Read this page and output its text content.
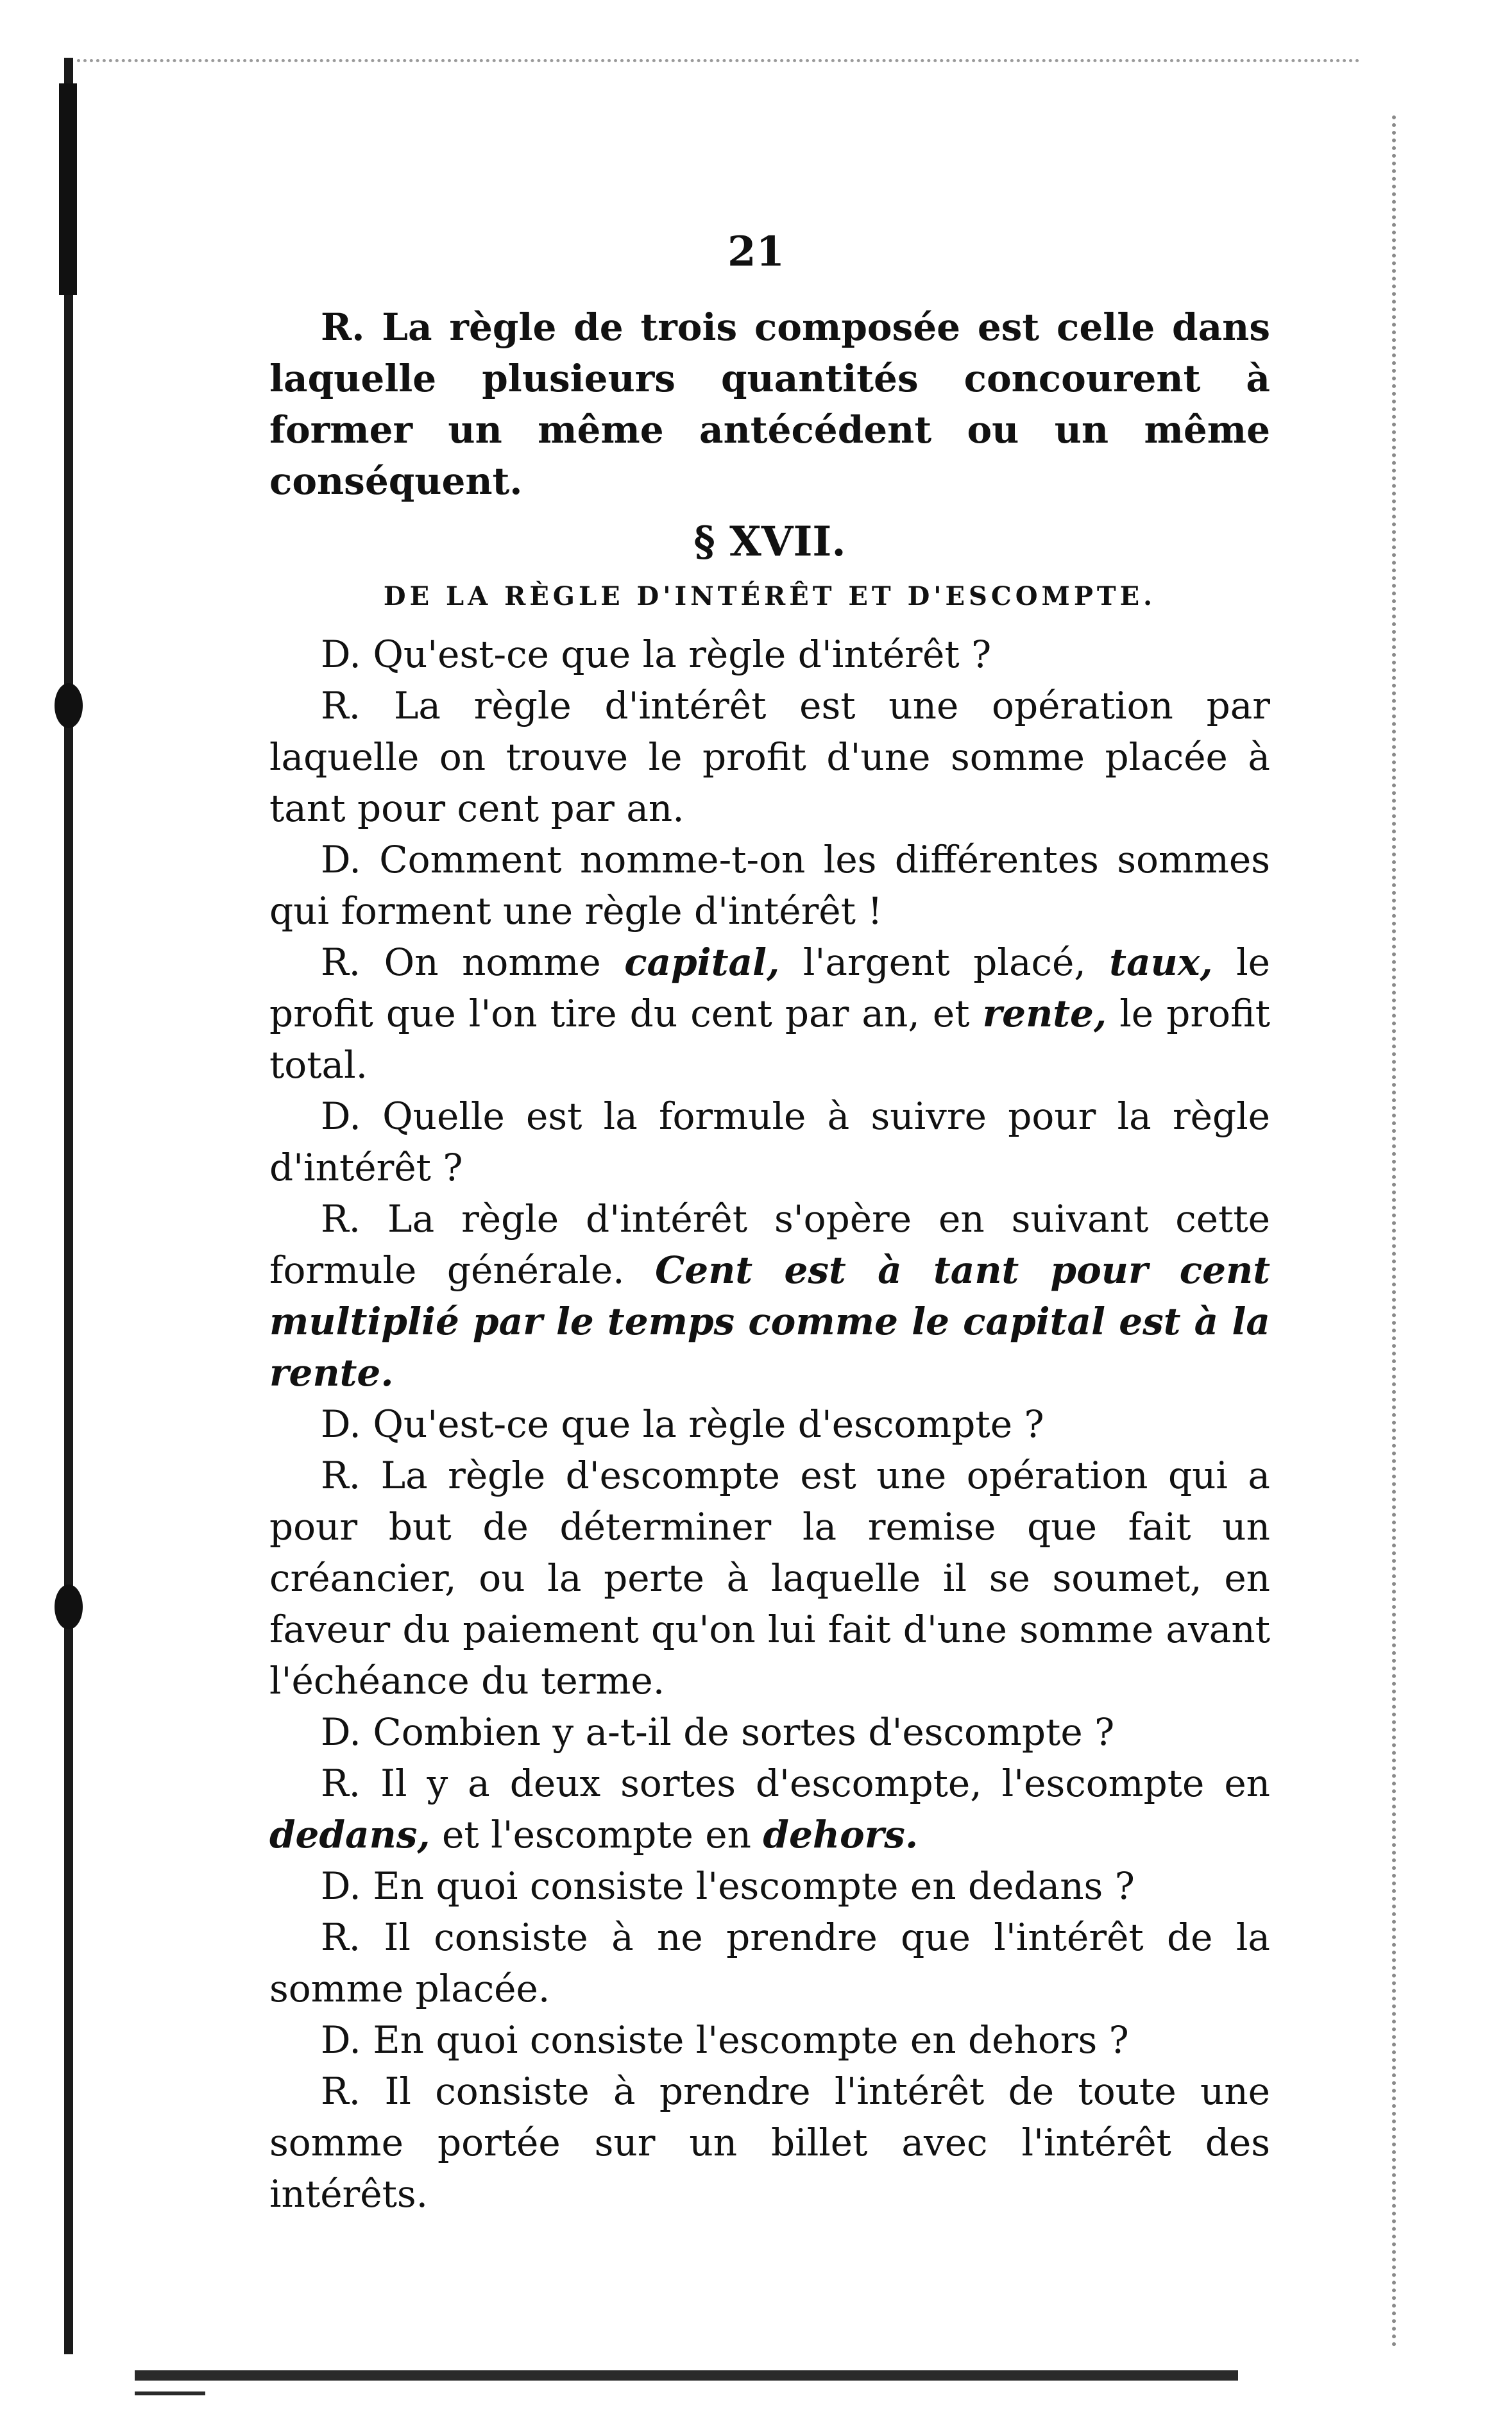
21

R. La règle de trois composée est celle dans laquelle plusieurs quantités concourent à former un même antécédent ou un même conséquent.

§ XVII.

DE LA RÈGLE D'INTÉRÊT ET D'ESCOMPTE.

D. Qu'est-ce que la règle d'intérêt ?

R. La règle d'intérêt est une opération par laquelle on trouve le profit d'une somme placée à tant pour cent par an.

D. Comment nomme-t-on les différentes sommes qui forment une règle d'intérêt !

R. On nomme capital, l'argent placé, taux, le profit que l'on tire du cent par an, et rente, le profit total.

D. Quelle est la formule à suivre pour la règle d'intérêt ?

R. La règle d'intérêt s'opère en suivant cette formule générale. Cent est à tant pour cent multiplié par le temps comme le capital est à la rente.

D. Qu'est-ce que la règle d'escompte ?

R. La règle d'escompte est une opération qui a pour but de déterminer la remise que fait un créancier, ou la perte à laquelle il se soumet, en faveur du paiement qu'on lui fait d'une somme avant l'échéance du terme.

D. Combien y a-t-il de sortes d'escompte ?

R. Il y a deux sortes d'escompte, l'escompte en dedans, et l'escompte en dehors.

D. En quoi consiste l'escompte en dedans ?

R. Il consiste à ne prendre que l'intérêt de la somme placée.

D. En quoi consiste l'escompte en dehors ?

R. Il consiste à prendre l'intérêt de toute une somme portée sur un billet avec l'intérêt des intérêts.
